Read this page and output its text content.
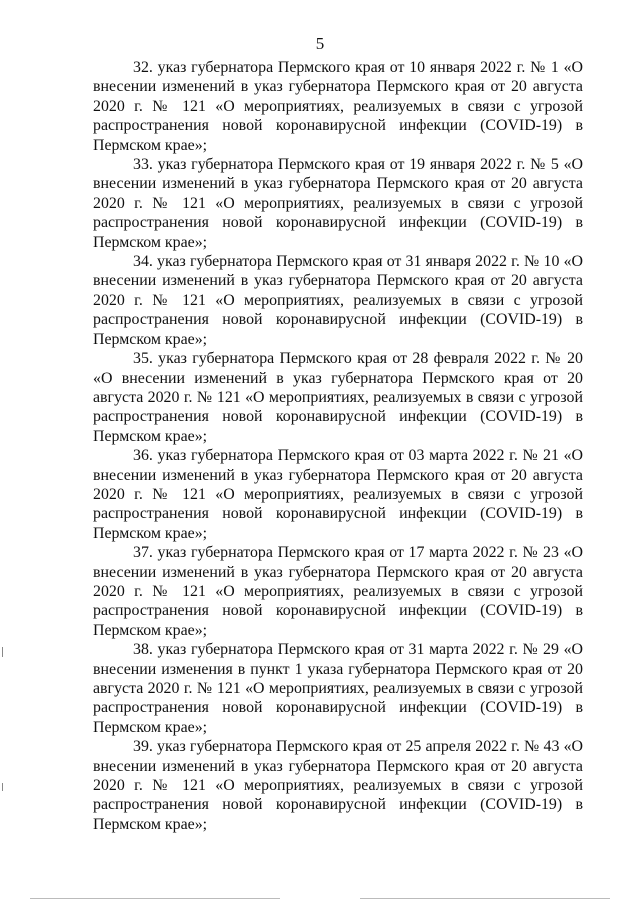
5

32. указ губернатора Пермского края от 10 января 2022 г. № 1 «О внесении изменений в указ губернатора Пермского края от 20 августа 2020 г. № 121 «О мероприятиях, реализуемых в связи с угрозой распространения новой коронавирусной инфекции (COVID-19) в Пермском крае»;

33. указ губернатора Пермского края от 19 января 2022 г. № 5 «О внесении изменений в указ губернатора Пермского края от 20 августа 2020 г. № 121 «О мероприятиях, реализуемых в связи с угрозой распространения новой коронавирусной инфекции (COVID-19) в Пермском крае»;

34. указ губернатора Пермского края от 31 января 2022 г. № 10 «О внесении изменений в указ губернатора Пермского края от 20 августа 2020 г. № 121 «О мероприятиях, реализуемых в связи с угрозой распространения новой коронавирусной инфекции (COVID-19) в Пермском крае»;

35. указ губернатора Пермского края от 28 февраля 2022 г. № 20 «О внесении изменений в указ губернатора Пермского края от 20 августа 2020 г. № 121 «О мероприятиях, реализуемых в связи с угрозой распространения новой коронавирусной инфекции (COVID-19) в Пермском крае»;

36. указ губернатора Пермского края от 03 марта 2022 г. № 21 «О внесении изменений в указ губернатора Пермского края от 20 августа 2020 г. № 121 «О мероприятиях, реализуемых в связи с угрозой распространения новой коронавирусной инфекции (COVID-19) в Пермском крае»;

37. указ губернатора Пермского края от 17 марта 2022 г. № 23 «О внесении изменений в указ губернатора Пермского края от 20 августа 2020 г. № 121 «О мероприятиях, реализуемых в связи с угрозой распространения новой коронавирусной инфекции (COVID-19) в Пермском крае»;

38. указ губернатора Пермского края от 31 марта 2022 г. № 29 «О внесении изменения в пункт 1 указа губернатора Пермского края от 20 августа 2020 г. № 121 «О мероприятиях, реализуемых в связи с угрозой распространения новой коронавирусной инфекции (COVID-19) в Пермском крае»;

39. указ губернатора Пермского края от 25 апреля 2022 г. № 43 «О внесении изменений в указ губернатора Пермского края от 20 августа 2020 г. № 121 «О мероприятиях, реализуемых в связи с угрозой распространения новой коронавирусной инфекции (COVID-19) в Пермском крае»;
